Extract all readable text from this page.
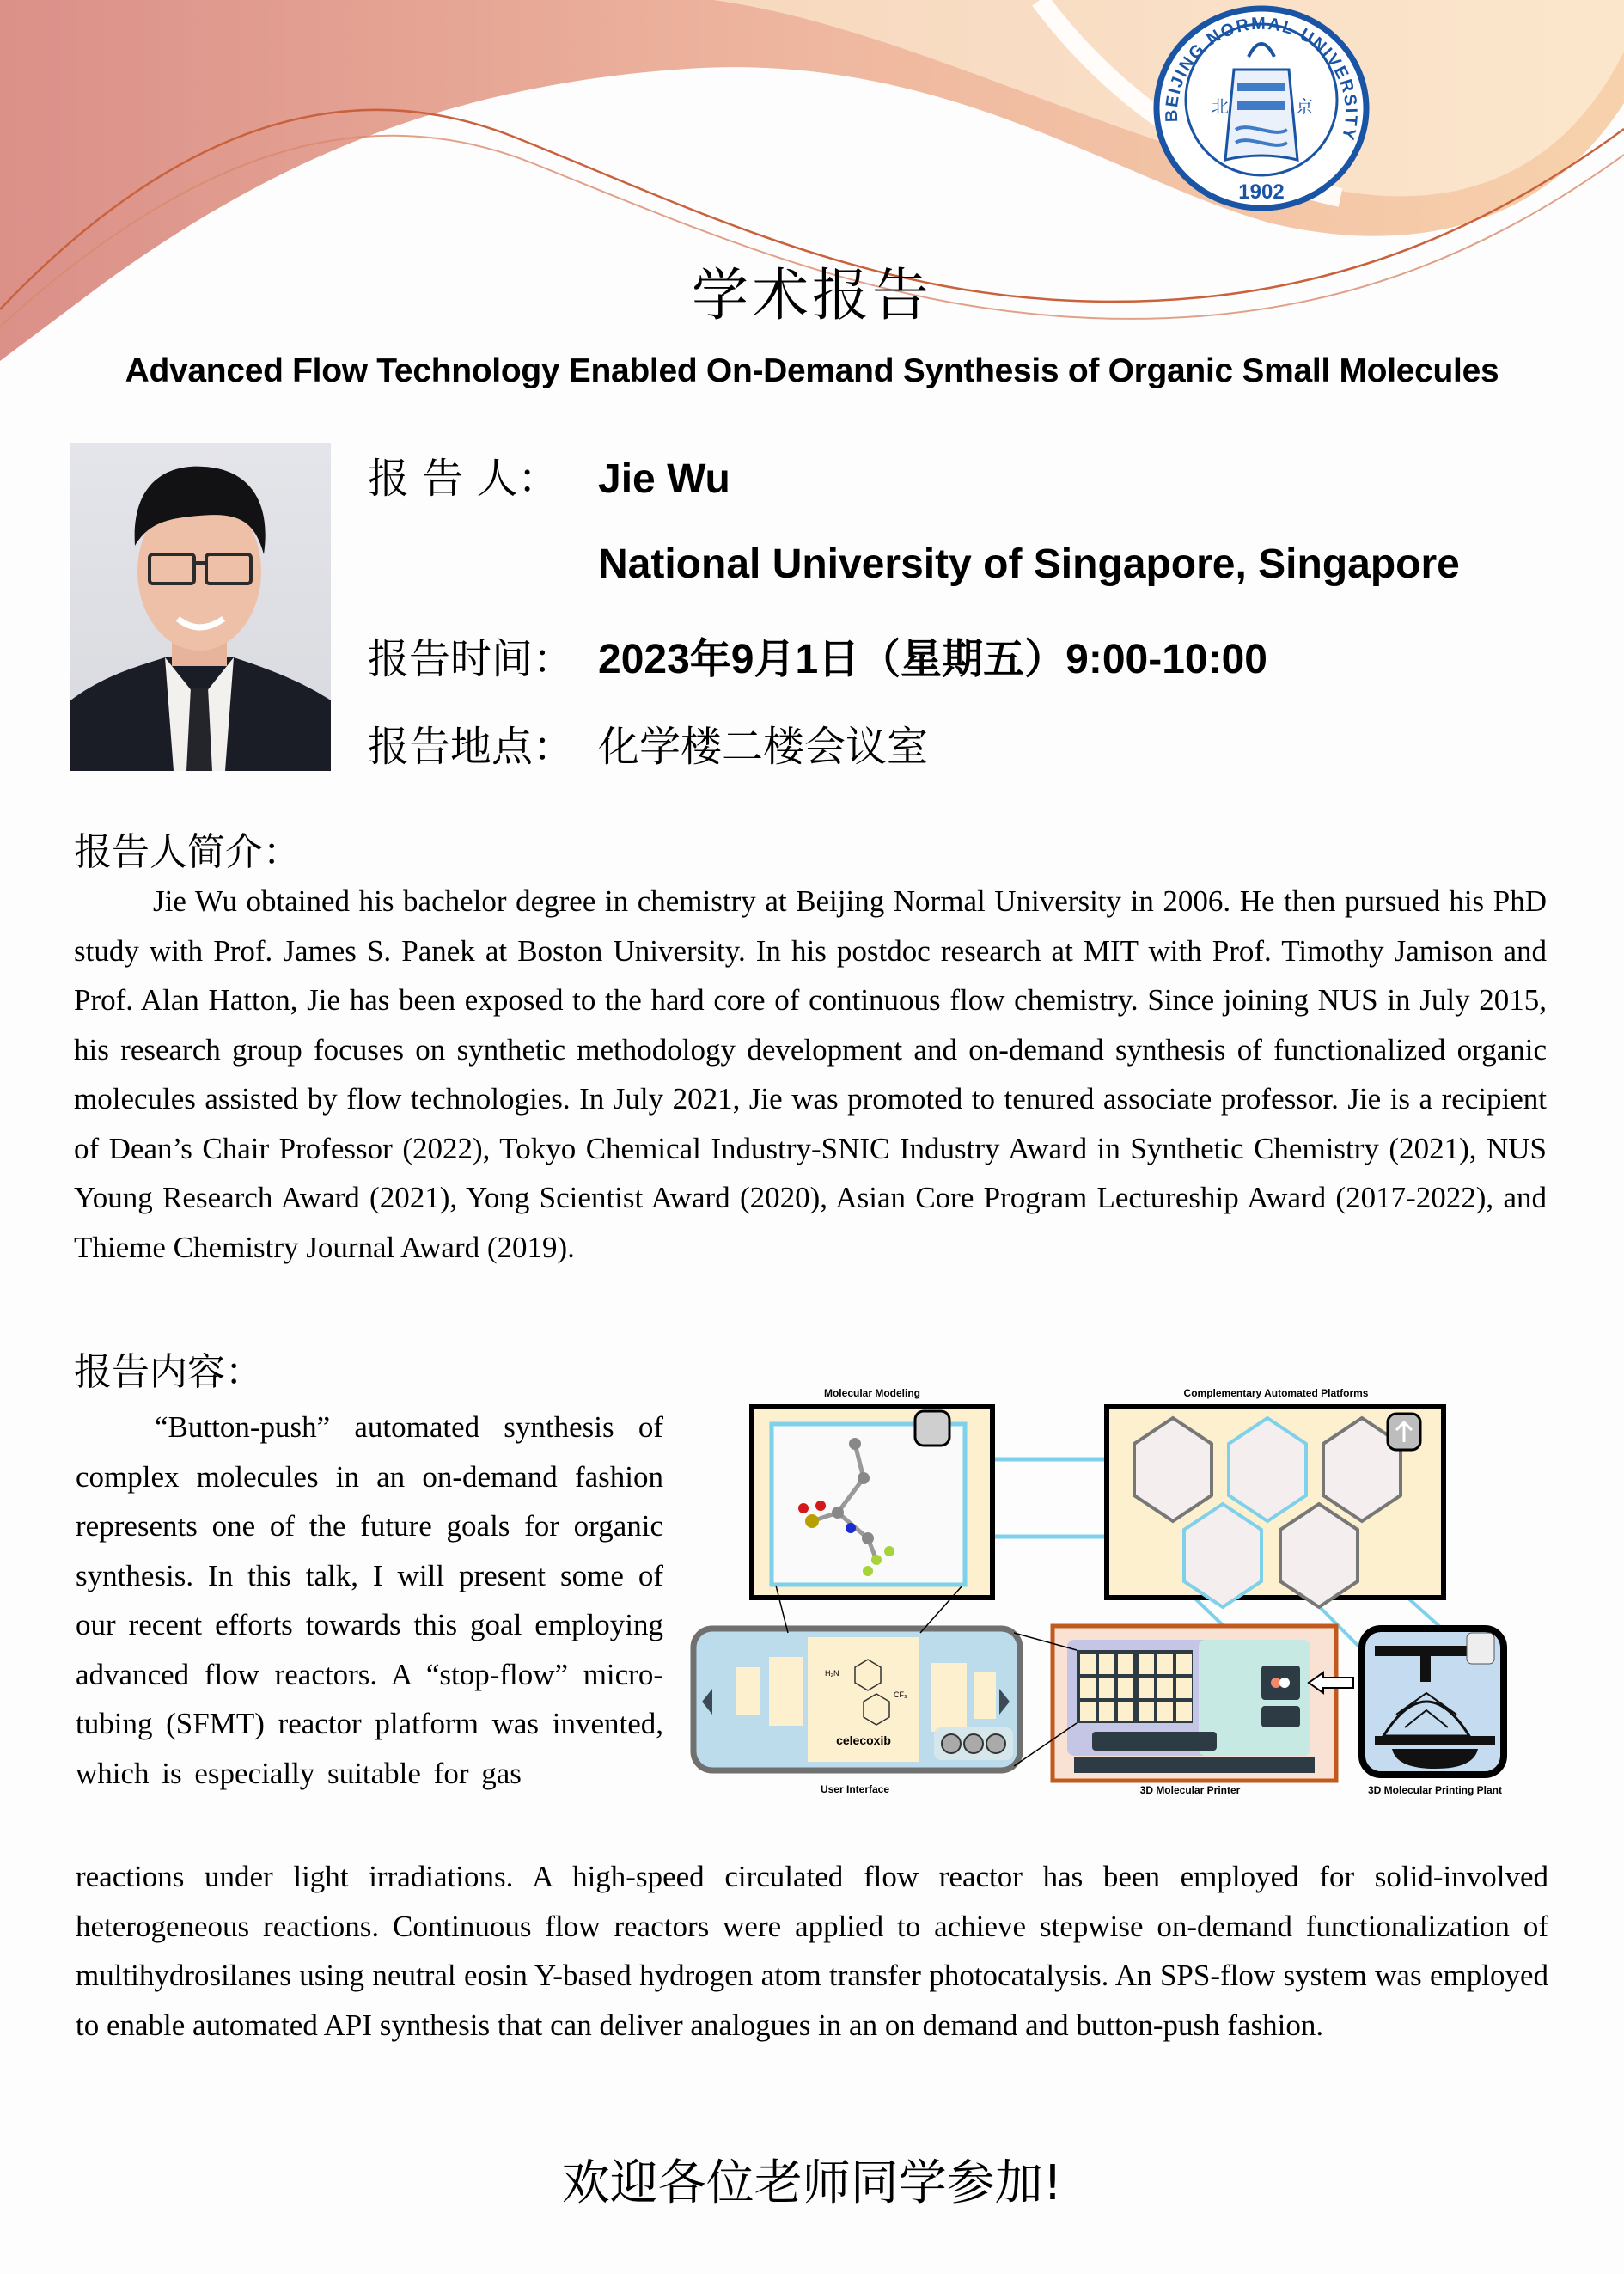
BEIJING NORMAL UNIVERSITY
1902
北	京
学术报告
Advanced Flow Technology Enabled On-Demand Synthesis of Organic Small Molecules
报 告 人： Jie Wu
National University of Singapore, Singapore
报告时间： 2023年9月1日（星期五）9:00-10:00
报告地点： 化学楼二楼会议室
报告人简介：
Jie Wu obtained his bachelor degree in chemistry at Beijing Normal University in 2006. He then pursued his PhD study with Prof. James S. Panek at Boston University. In his postdoc research at MIT with Prof. Timothy Jamison and Prof. Alan Hatton, Jie has been exposed to the hard core of continuous flow chemistry. Since joining NUS in July 2015, his research group focuses on synthetic methodology development and on-demand synthesis of functionalized organic molecules assisted by flow technologies. In July 2021, Jie was promoted to tenured associate professor. Jie is a recipient of Dean’s Chair Professor (2022), Tokyo Chemical Industry-SNIC Industry Award in Synthetic Chemistry (2021), NUS Young Research Award (2021), Yong Scientist Award (2020), Asian Core Program Lectureship Award (2017-2022), and Thieme Chemistry Journal Award (2019).
报告内容：
“Button-push” automated synthesis of complex molecules in an on-demand fashion represents one of the future goals for organic synthesis. In this talk, I will present some of our recent efforts towards this goal employing advanced flow reactors. A “stop-flow” micro-tubing (SFMT) reactor platform was invented, which is especially suitable for gas
reactions under light irradiations. A high-speed circulated flow reactor has been employed for solid-involved heterogeneous reactions. Continuous flow reactors were applied to achieve stepwise on-demand functionalization of multihydrosilanes using neutral eosin Y-based hydrogen atom transfer photocatalysis. An SPS-flow system was employed to enable automated API synthesis that can deliver analogues in an on demand and button-push fashion.
Molecular Modeling	Complementary Automated Platforms
celecoxib
H₂N
CF₃
User Interface	3D Molecular Printer	3D Molecular Printing Plant
欢迎各位老师同学参加!
